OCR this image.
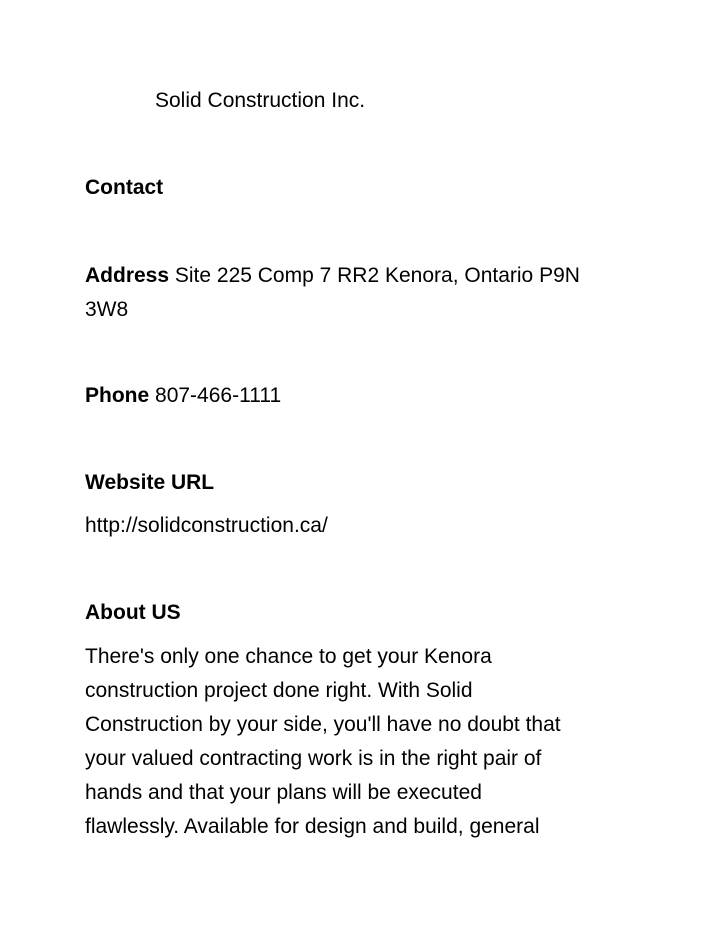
Solid Construction Inc.
Contact
Address Site 225 Comp 7 RR2 Kenora, Ontario P9N
3W8
Phone 807-466-1111
Website URL
http://solidconstruction.ca/
About US
There's only one chance to get your Kenora
construction project done right. With Solid
Construction by your side, you'll have no doubt that
your valued contracting work is in the right pair of
hands and that your plans will be executed
flawlessly. Available for design and build, general
